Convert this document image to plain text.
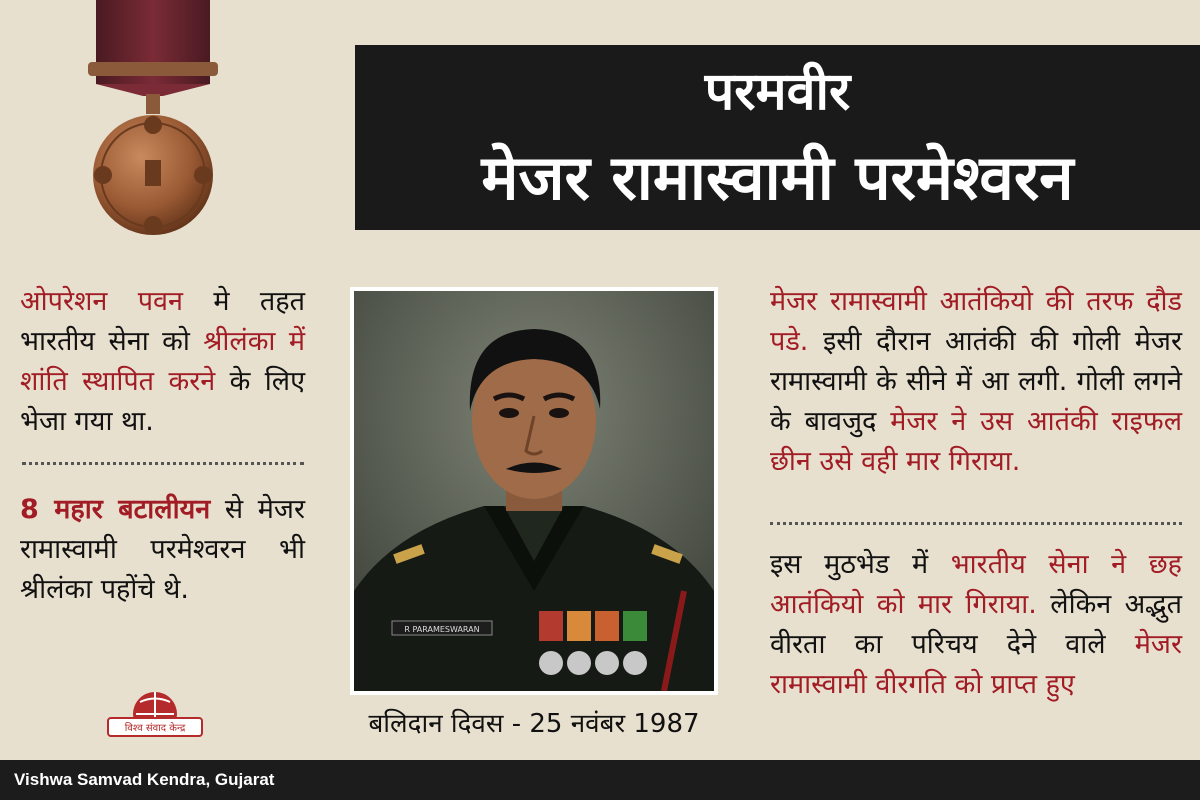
परमवीर
मेजर रामास्वामी परमेश्वरन
ओपरेशन पवन मे तहत भारतीय सेना को श्रीलंका में शांति स्थापित करने के लिए भेजा गया था.
8 महार बटालीयन से मेजर रामास्वामी परमेश्वरन भी श्रीलंका पहोंचे थे.
R PARAMESWARAN
बलिदान दिवस - 25 नवंबर 1987
मेजर रामास्वामी आतंकियो की तरफ दौड पडे. इसी दौरान आतंकी की गोली मेजर रामास्वामी के सीने में आ लगी. गोली लगने के बावजुद मेजर ने उस आतंकी राइफल छीन उसे वही मार गिराया.
इस मुठभेड में भारतीय सेना ने छह आतंकियो को मार गिराया. लेकिन अद्भुत वीरता का परिचय देने वाले मेजर रामास्वामी वीरगति को प्राप्त हुए
विश्व संवाद केन्द्र
Vishwa Samvad Kendra, Gujarat
